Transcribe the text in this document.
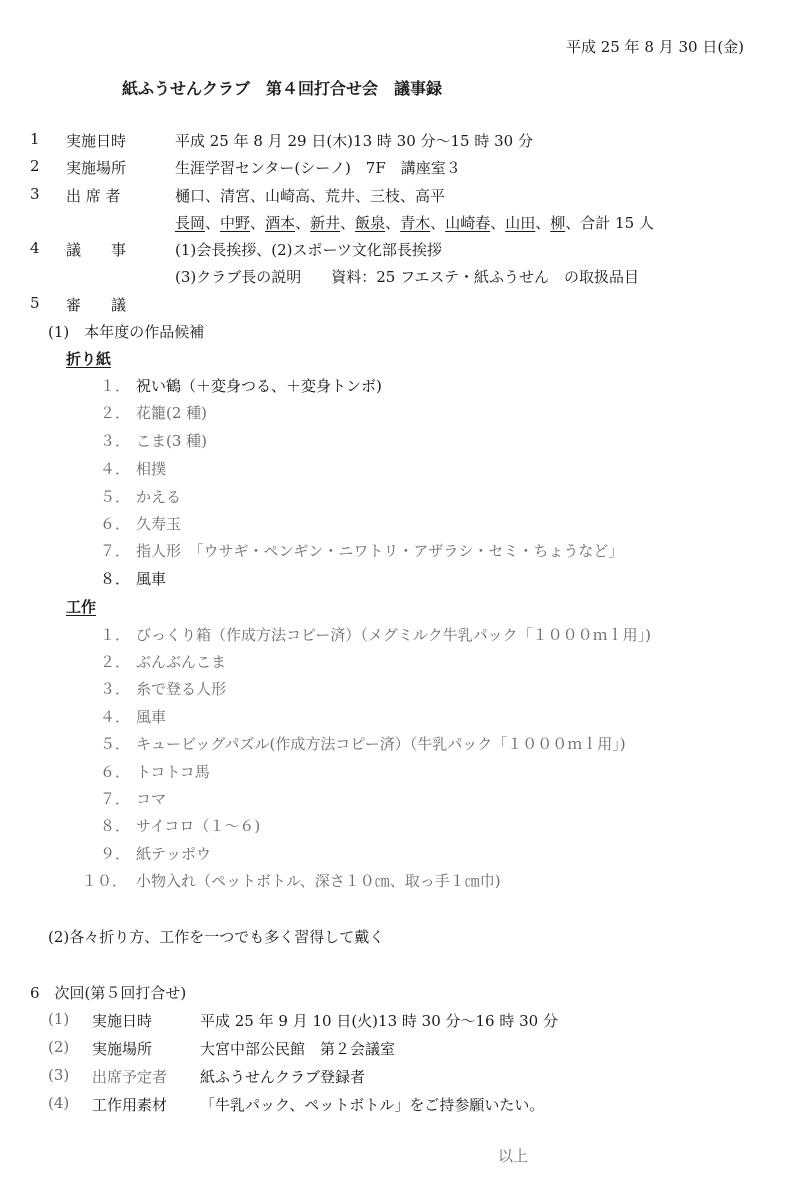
平成 25 年 8 月 30 日(金)
紙ふうせんクラブ　第４回打合せ会　議事録
1 実施日時	平成 25 年 8 月 29 日(木)13 時 30 分～15 時 30 分
2 実施場所	生涯学習センター(シーノ)　7F　講座室３
3 出 席 者	樋口、清宮、山崎高、荒井、三枝、高平
長岡 、 中野 、 酒本 、 新井 、 飯泉 、 青木 、 山崎春 、 山田 、 柳 、 合計 15 人
4 議　　事	(1)会長挨拶、(2)スポーツ文化部長挨拶
(3)クラブ長の説明　　資料：25 フエステ・紙ふうせん　の取扱品目
5 審　　議
(1)　本年度の作品候補
折り紙
１． 祝い鶴（＋変身つる、＋変身トンボ)
２． 花籠(2 種)
３． こま(3 種)
４． 相撲
５． かえる
６． 久寿玉
７． 指人形　「ウサギ・ペンギン・ニワトリ・アザラシ・セミ・ちょうなど」
８． 風車
工作
１． びっくり箱（作成方法コピー済）（メグミルク牛乳パック「１０００ｍｌ用」)
２． ぶんぶんこま
３． 糸で登る人形
４． 風車
５． キュービッグパズル(作成方法コピー済）（牛乳パック「１０００ｍｌ用」)
６． トコトコ馬
７． コマ
８． サイコロ（１～６)
９． 紙テッポウ
１０． 小物入れ（ペットボトル、深さ１０㎝、取っ手１㎝巾)
(2)各々折り方、工作を一つでも多く習得して戴く
6　次回(第５回打合せ)
(1)	実施日時	平成 25 年 9 月 10 日(火)13 時 30 分～16 時 30 分
(2)	実施場所	大宮中部公民館　第２会議室
(3)	出席予定者	紙ふうせんクラブ登録者
(4)	工作用素材	「牛乳パック、ペットボトル」をご持参願いたい。
以上
